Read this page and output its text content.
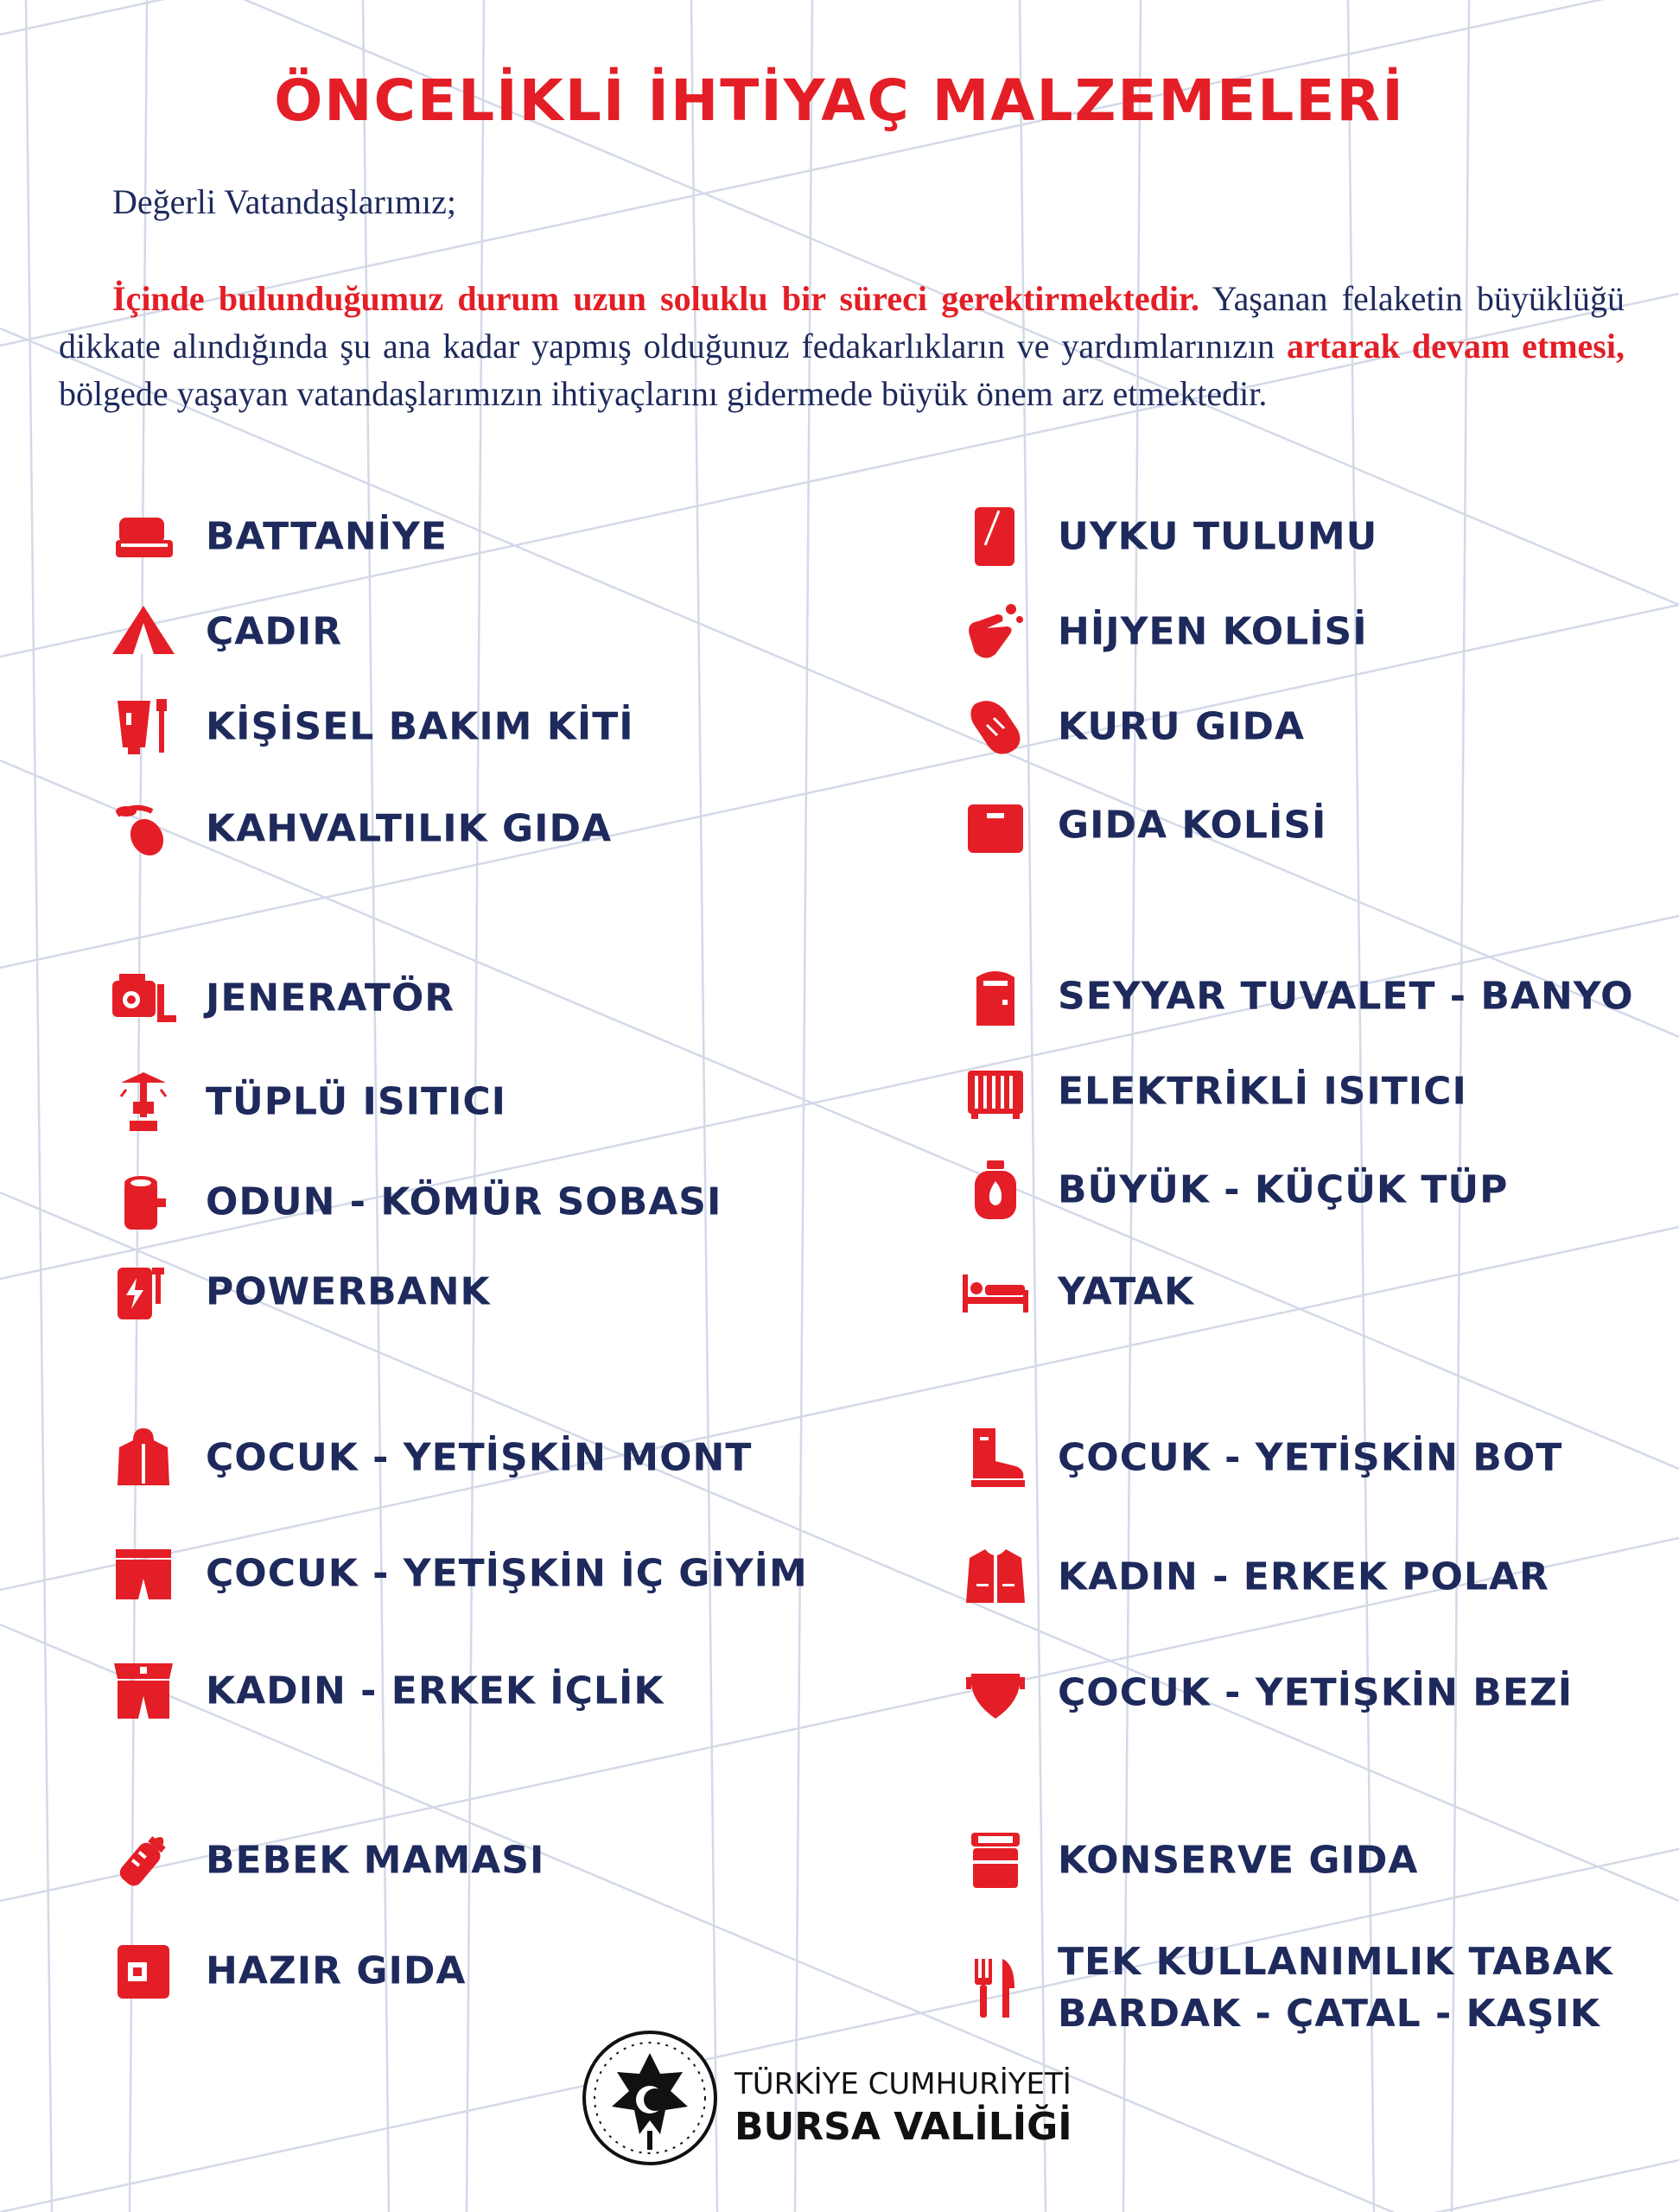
ÖNCELİKLİ İHTİYAÇ MALZEMELERİ
Değerli Vatandaşlarımız;

İçinde bulunduğumuz durum uzun soluklu bir süreci gerektirmektedir. Yaşanan felaketin büyüklüğü dikkate alındığında şu ana kadar yapmış olduğunuz fedakarlıkların ve yardımlarınızın artarak devam etmesi, bölgede yaşayan vatandaşlarımızın ihtiyaçlarını gidermede büyük önem arz etmektedir.

BATTANİYE
ÇADIR
KİŞİSEL BAKIM KİTİ
KAHVALTILIK GIDA
JENERATÖR
TÜPLÜ ISITICI
ODUN - KÖMÜR SOBASI
POWERBANK
ÇOCUK - YETİŞKİN MONT
ÇOCUK - YETİŞKİN İÇ GİYİM
KADIN - ERKEK İÇLİK
BEBEK MAMASI
HAZIR GIDA
UYKU TULUMU
HİJYEN KOLİSİ
KURU GIDA
GIDA KOLİSİ
SEYYAR TUVALET - BANYO
ELEKTRİKLİ ISITICI
BÜYÜK - KÜÇÜK TÜP
YATAK
ÇOCUK - YETİŞKİN BOT
KADIN - ERKEK POLAR
ÇOCUK - YETİŞKİN BEZİ
KONSERVE GIDA
TEK KULLANIMLIK TABAK
BARDAK - ÇATAL - KAŞIK
TÜRKİYE CUMHURİYETİ
BURSA VALİLİĞİ
